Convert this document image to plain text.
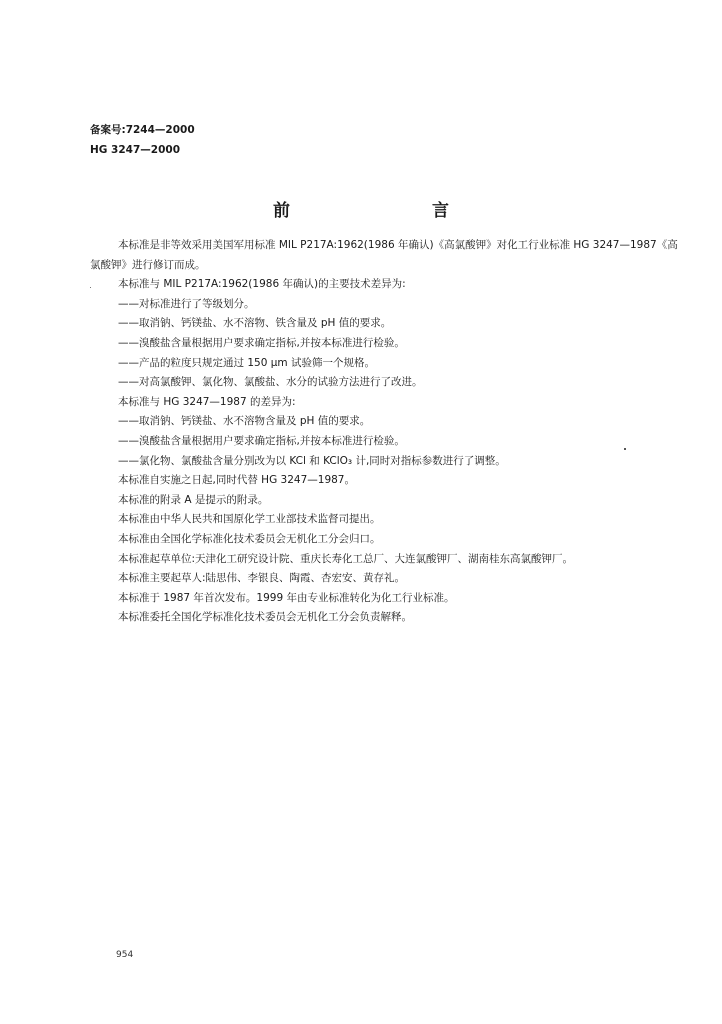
备案号:7244—2000
HG 3247—2000
前 言

本标准是非等效采用美国军用标准 MIL P217A:1962(1986 年确认)《高氯酸钾》对化工行业标准 HG 3247—1987《高氯酸钾》进行修订而成。

本标准与 MIL P217A:1962(1986 年确认)的主要技术差异为:

——对标准进行了等级划分。

——取消钠、钙镁盐、水不溶物、铁含量及 pH 值的要求。

——溴酸盐含量根据用户要求确定指标,并按本标准进行检验。

——产品的粒度只规定通过 150 μm 试验筛一个规格。

——对高氯酸钾、氯化物、氯酸盐、水分的试验方法进行了改进。

本标准与 HG 3247—1987 的差异为:

——取消钠、钙镁盐、水不溶物含量及 pH 值的要求。

——溴酸盐含量根据用户要求确定指标,并按本标准进行检验。

——氯化物、氯酸盐含量分别改为以 KCl 和 KClO₃ 计,同时对指标参数进行了调整。

本标准自实施之日起,同时代替 HG 3247—1987。

本标准的附录 A 是提示的附录。

本标准由中华人民共和国原化学工业部技术监督司提出。

本标准由全国化学标准化技术委员会无机化工分会归口。

本标准起草单位:天津化工研究设计院、重庆长寿化工总厂、大连氯酸钾厂、湖南桂东高氯酸钾厂。

本标准主要起草人:陆思伟、李银良、陶霞、杏宏安、黄存礼。

本标准于 1987 年首次发布。1999 年由专业标准转化为化工行业标准。

本标准委托全国化学标准化技术委员会无机化工分会负责解释。

954
